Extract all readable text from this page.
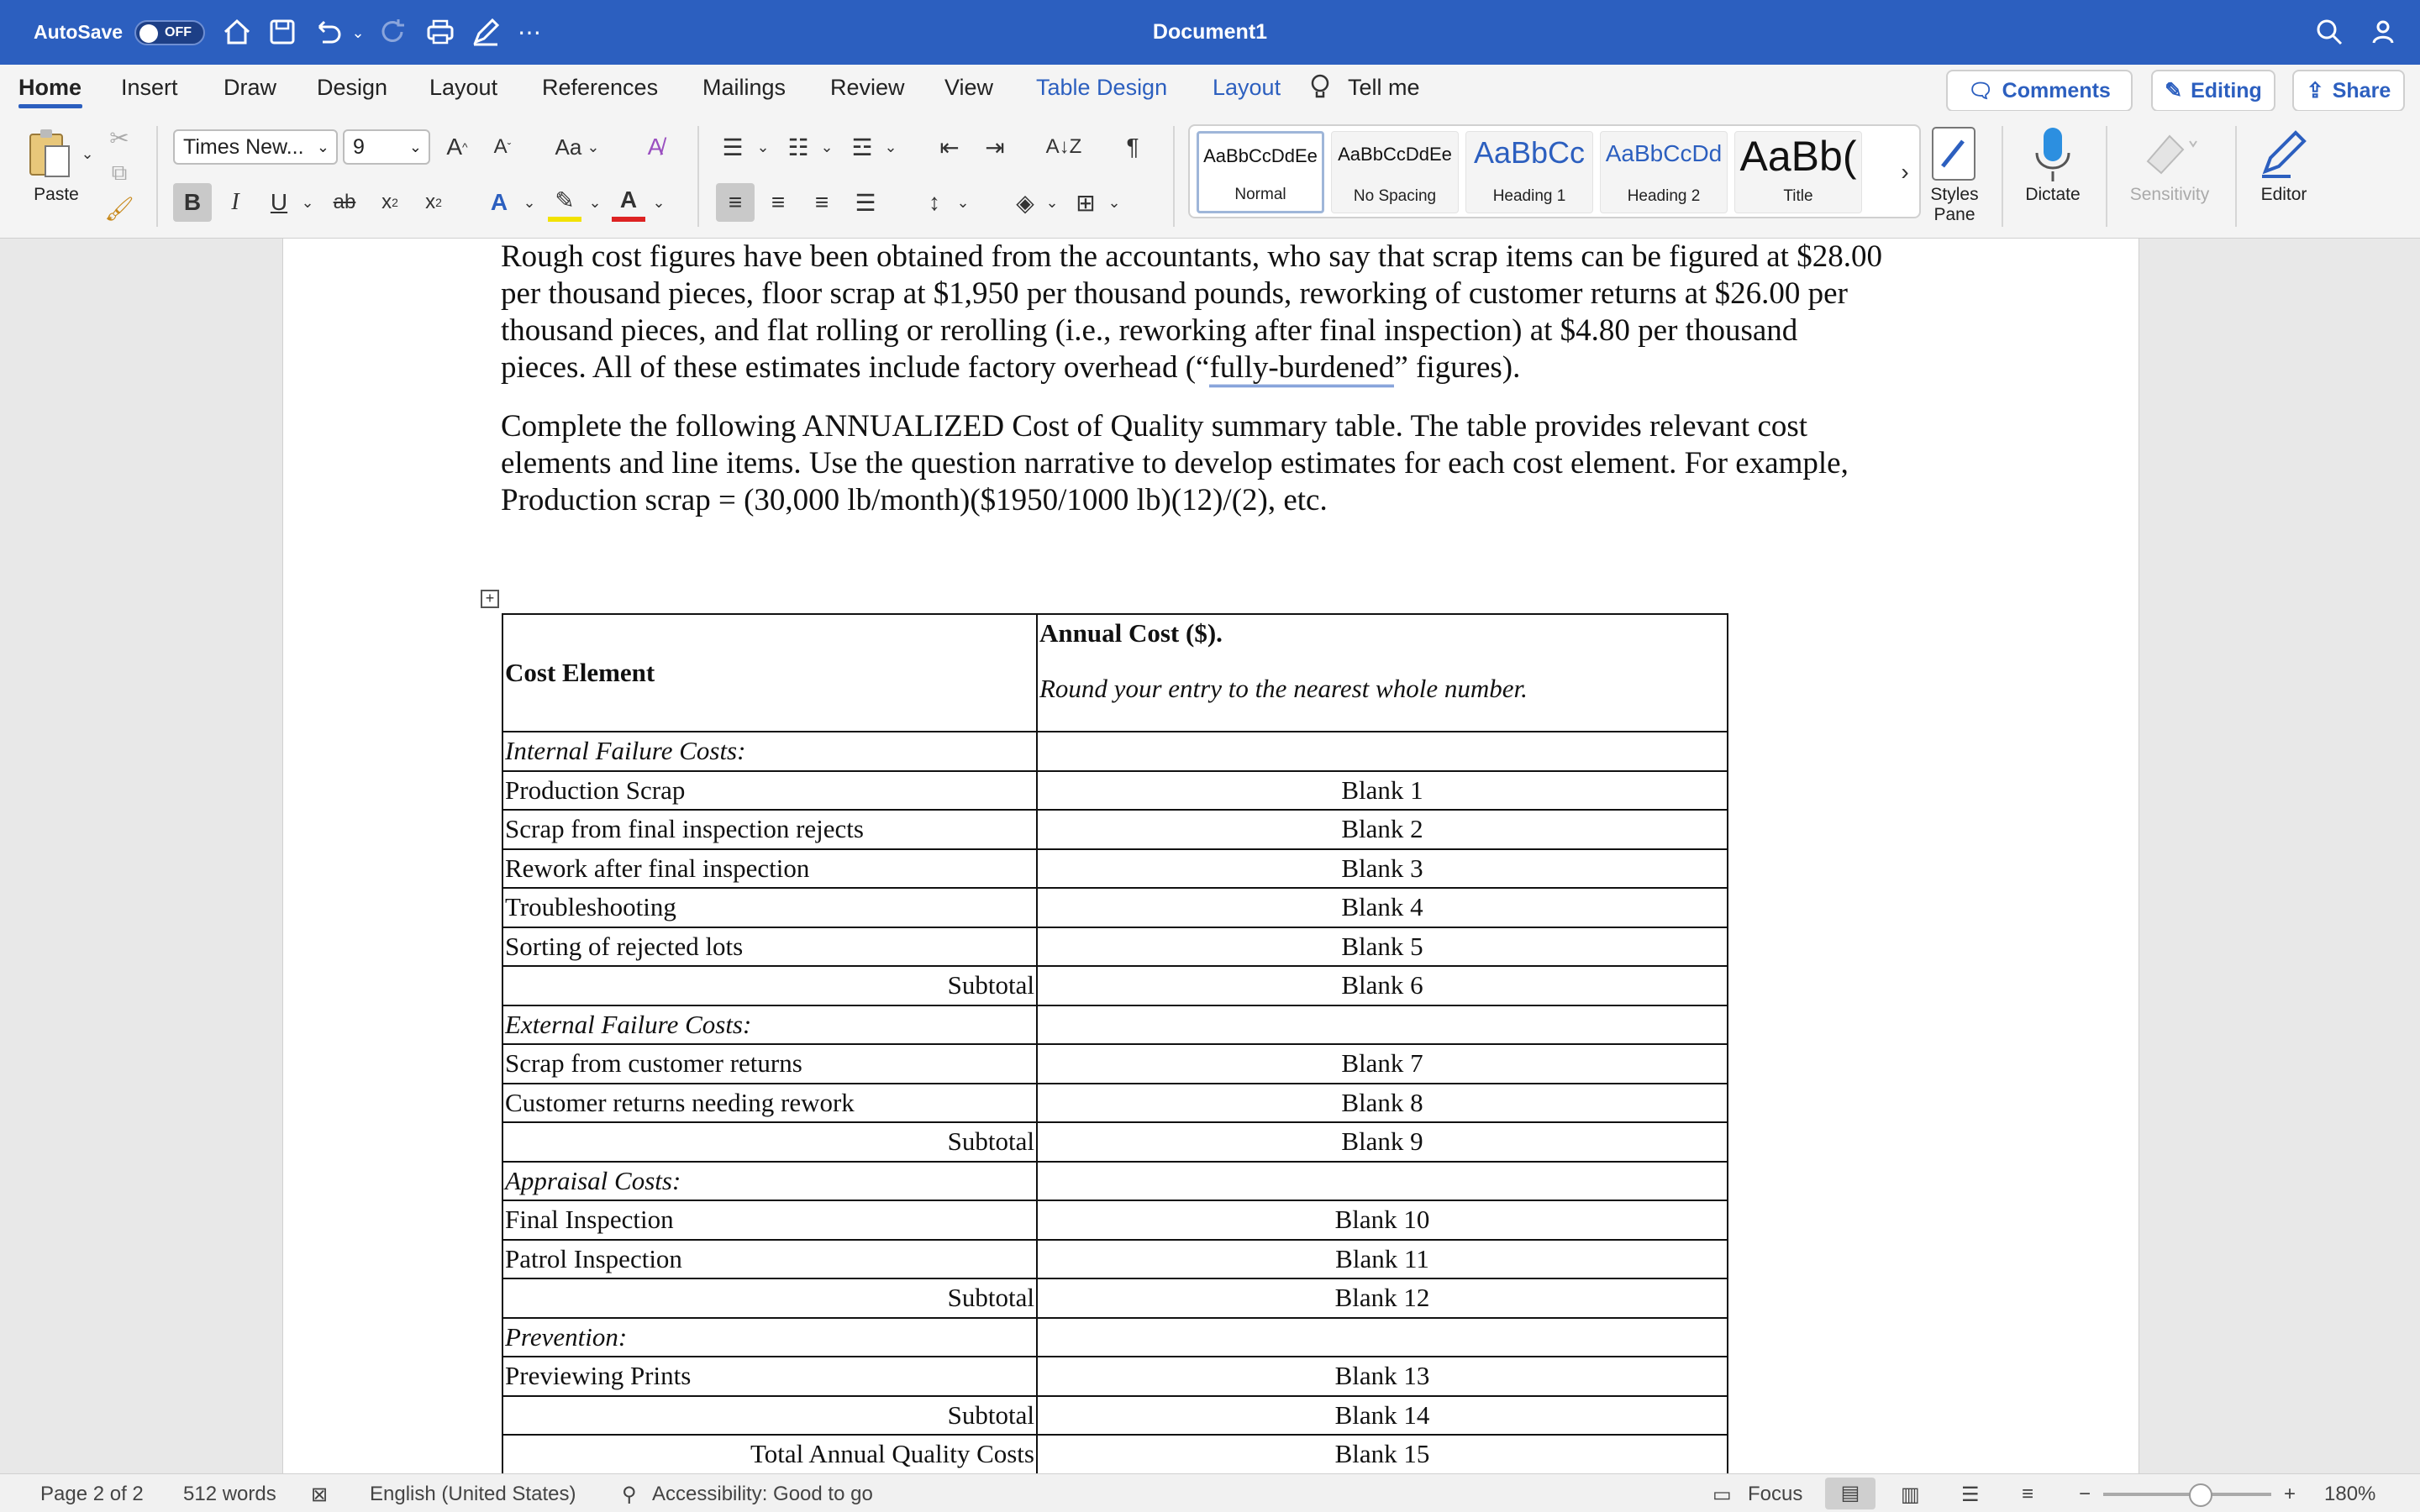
AutoSave	OFF	⌄	⋯	Document1
Home Insert Draw Design Layout References Mailings Review View Table Design Layout	Tell me	🗨 Comments	✎ Editing ⇪ Share
⌄
Paste
✂
⧉
🖌
Times New... ⌄ 9	⌄ A ^	A ˇ Aa ⌄	A̸
B	I	U ⌄ ab	x 2	x 2	A	⌄ ✎ ⌄ A	⌄
☰ ⌄ ☷ ⌄ ☲ ⌄ ⇤ ⇥	A↓Z	¶
≡	≡	≡	☰	↕	⌄	◈ ⌄ ⊞ ⌄
AaBbCcDdEe
Normal
AaBbCcDdEe
No Spacing
AaBbCc
Heading 1
AaBbCcDd
Heading 2
AaBb(
Title
›
Styles
Pane
Dictate	Sensitivity	Editor
Rough cost figures have been obtained from the accountants, who say that scrap items can be figured at $28.00
per thousand pieces, floor scrap at $1,950 per thousand pounds, reworking of customer returns at $26.00 per
thousand pieces, and flat rolling or rerolling (i.e., reworking after final inspection) at $4.80 per thousand
pieces. All of these estimates include factory overhead (“fully-burdened” figures).
Complete the following ANNUALIZED Cost of Quality summary table. The table provides relevant cost
elements and line items. Use the question narrative to develop estimates for each cost element. For example,
Production scrap = (30,000 lb/month)($1950/1000 lb)(12)/(2), etc.
+
Cost Element	Annual Cost ($).
Round your entry to the nearest whole number.

Internal Failure Costs:	
Production Scrap	Blank 1
Scrap from final inspection rejects	Blank 2
Rework after final inspection	Blank 3
Troubleshooting	Blank 4
Sorting of rejected lots	Blank 5
Subtotal	Blank 6
External Failure Costs:	
Scrap from customer returns	Blank 7
Customer returns needing rework	Blank 8
Subtotal	Blank 9
Appraisal Costs:	
Final Inspection	Blank 10
Patrol Inspection	Blank 11
Subtotal	Blank 12
Prevention:	
Previewing Prints	Blank 13
Subtotal	Blank 14
Total Annual Quality Costs	Blank 15
Page 2 of 2 512 words ⊠ English (United States) ⚲ Accessibility: Good to go	▭ Focus	▤	▥ ☰ ≡ −	+ 180%
